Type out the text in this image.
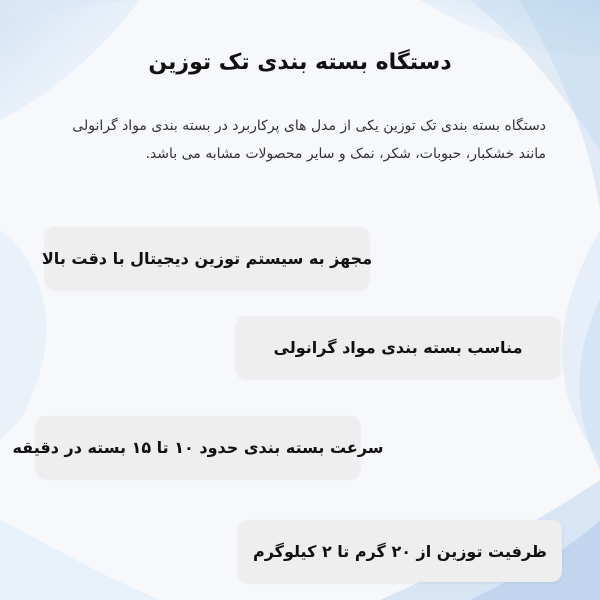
دستگاه بسته بندی تک توزین
دستگاه بسته بندی تک توزین یکی از مدل های پرکاربرد در بسته بندی مواد گرانولی مانند خشکبار، حبوبات، شکر، نمک و سایر محصولات مشابه می باشد.
مجهز به سیستم توزین دیجیتال با دقت بالا
مناسب بسته بندی مواد گرانولی
سرعت بسته بندی حدود ۱۰ تا ۱۵ بسته در دقیقه
ظرفیت توزین از ۲۰ گرم تا ۲ کیلوگرم
